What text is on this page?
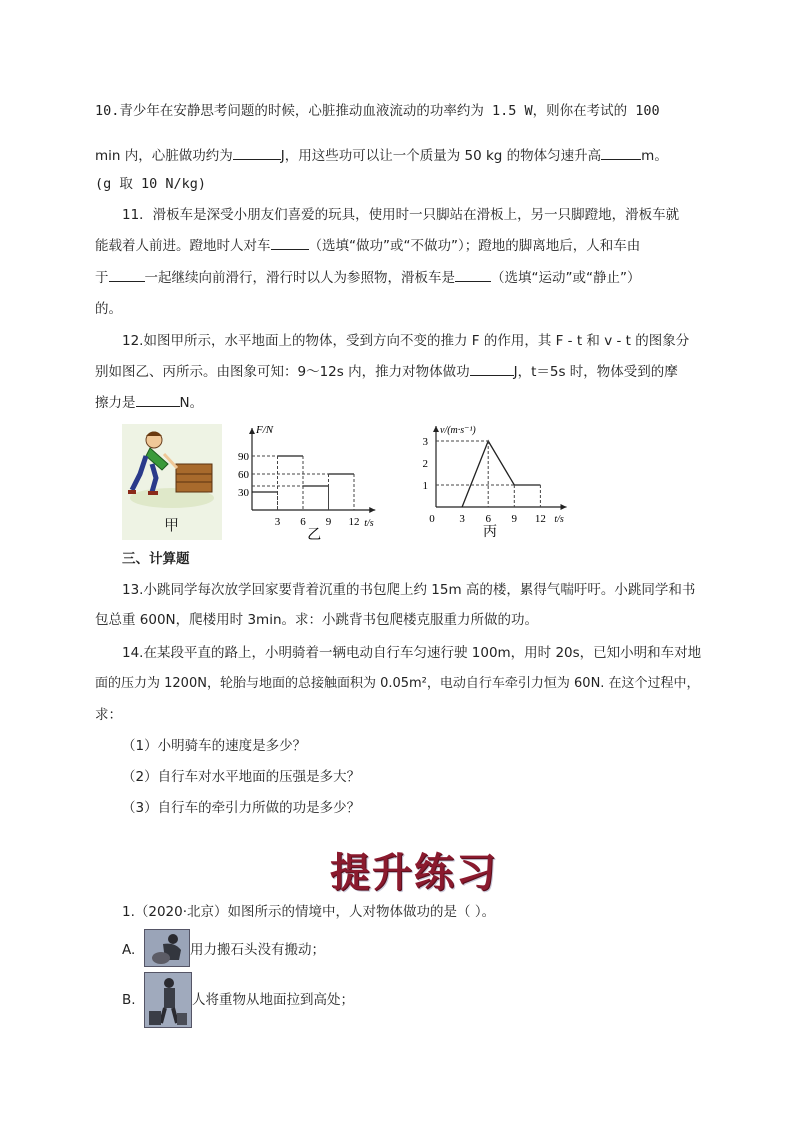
10.青少年在安静思考问题的时候，心脏推动血液流动的功率约为 1.5 W，则你在考试的 100
min 内，心脏做功约为	J，用这些功可以让一个质量为 50 kg 的物体匀速升高	m。
(g 取 10 N/kg)
11．滑板车是深受小朋友们喜爱的玩具，使用时一只脚站在滑板上，另一只脚蹬地，滑板车就
能载着人前进。蹬地时人对车	（选填“做功”或“不做功”）；蹬地的脚离地后，人和车由
于	一起继续向前滑行，滑行时以人为参照物，滑板车是	（选填“运动”或“静止”）
的。
12.如图甲所示，水平地面上的物体，受到方向不变的推力 F 的作用，其 F - t 和 v - t 的图象分
别如图乙、丙所示。由图象可知：9～12s 内，推力对物体做功	J，t＝5s 时，物体受到的摩
擦力是	N。
甲
F/N
t/s
30
60
90
3 6 9 12
乙
v/(m·s⁻¹)
t/s
1
2
3
0 3 6 9 12
丙
三、计算题
13.小跳同学每次放学回家要背着沉重的书包爬上约 15m 高的楼，累得气喘吁吁。小跳同学和书
包总重 600N，爬楼用时 3min。求：小跳背书包爬楼克服重力所做的功。
14.在某段平直的路上，小明骑着一辆电动自行车匀速行驶 100m，用时 20s，已知小明和车对地
面的压力为 1200N，轮胎与地面的总接触面积为 0.05m²，电动自行车牵引力恒为 60N. 在这个过程中，
求：
（1）小明骑车的速度是多少？
（2）自行车对水平地面的压强是多大？
（3）自行车的牵引力所做的功是多少？
提升练习
1.（2020·北京）如图所示的情境中，人对物体做功的是（ ）。
A.	用力搬石头没有搬动；
B.	人将重物从地面拉到高处；
